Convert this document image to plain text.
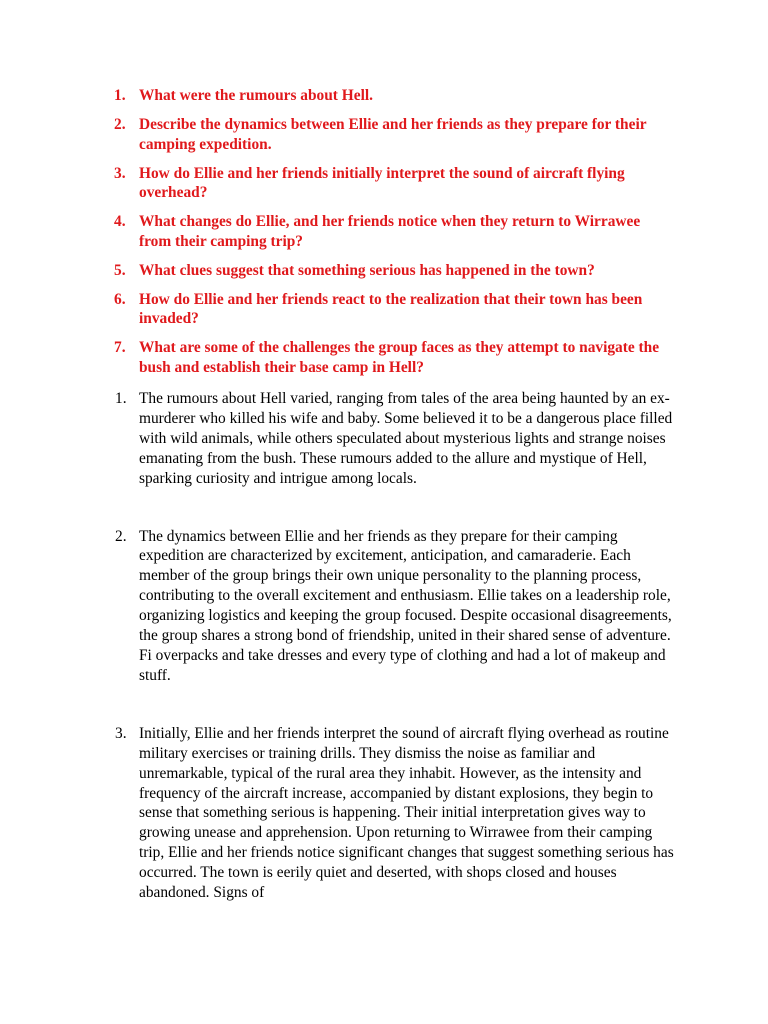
1. What were the rumours about Hell.
2. Describe the dynamics between Ellie and her friends as they prepare for their camping expedition.
3. How do Ellie and her friends initially interpret the sound of aircraft flying overhead?
4. What changes do Ellie, and her friends notice when they return to Wirrawee from their camping trip?
5. What clues suggest that something serious has happened in the town?
6. How do Ellie and her friends react to the realization that their town has been invaded?
7. What are some of the challenges the group faces as they attempt to navigate the bush and establish their base camp in Hell?
1. The rumours about Hell varied, ranging from tales of the area being haunted by an ex- murderer who killed his wife and baby. Some believed it to be a dangerous place filled with wild animals, while others speculated about mysterious lights and strange noises emanating from the bush. These rumours added to the allure and mystique of Hell, sparking curiosity and intrigue among locals.
2. The dynamics between Ellie and her friends as they prepare for their camping expedition are characterized by excitement, anticipation, and camaraderie. Each member of the group brings their own unique personality to the planning process, contributing to the overall excitement and enthusiasm. Ellie takes on a leadership role, organizing logistics and keeping the group focused. Despite occasional disagreements, the group shares a strong bond of friendship, united in their shared sense of adventure. Fi overpacks and take dresses and every type of clothing and had a lot of makeup and stuff.
3. Initially, Ellie and her friends interpret the sound of aircraft flying overhead as routine military exercises or training drills. They dismiss the noise as familiar and unremarkable, typical of the rural area they inhabit. However, as the intensity and frequency of the aircraft increase, accompanied by distant explosions, they begin to sense that something serious is happening. Their initial interpretation gives way to growing unease and apprehension. Upon returning to Wirrawee from their camping trip, Ellie and her friends notice significant changes that suggest something serious has occurred. The town is eerily quiet and deserted, with shops closed and houses abandoned. Signs of
